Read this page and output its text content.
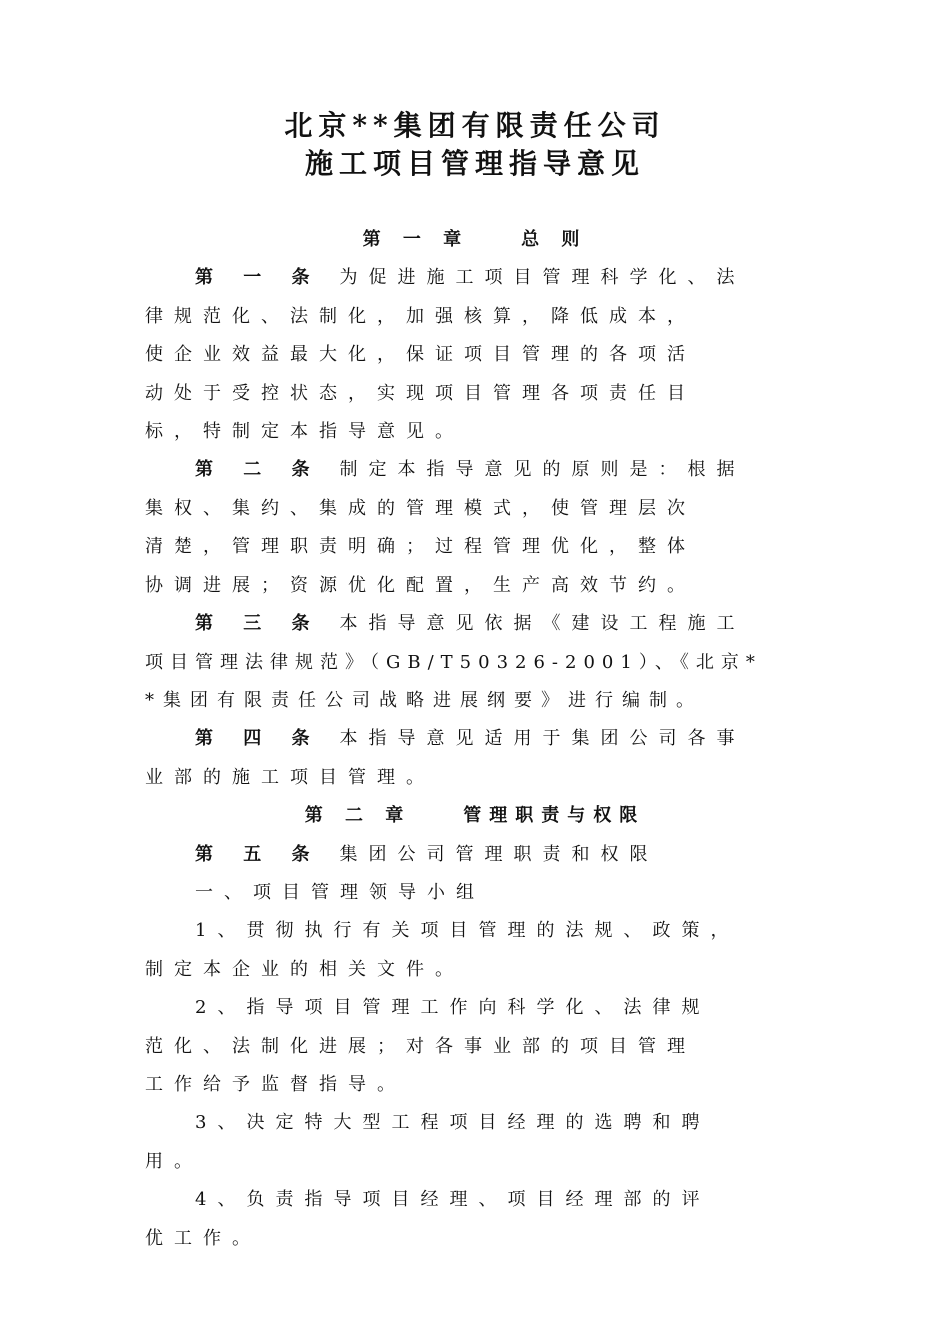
北京**集团有限责任公司
施工项目管理指导意见
第 一 章　　总 则
第 一 条 为促进施工项目管理科学化、法
律规范化、法制化，加强核算，降低成本，
使企业效益最大化，保证项目管理的各项活
动处于受控状态，实现项目管理各项责任目
标，特制定本指导意见。
第 二 条 制定本指导意见的原则是：根据
集权、集约、集成的管理模式，使管理层次
清楚，管理职责明确；过程管理优化，整体
协调进展；资源优化配置，生产高效节约。
第 三 条 本指导意见依据《建设工程施工
项目管理法律规范》（GB/T50326-2001）、《北京*
*集团有限责任公司战略进展纲要》进行编制。
第 四 条 本指导意见适用于集团公司各事
业部的施工项目管理。
第 二 章　　管理职责与权限
第 五 条 集团公司管理职责和权限
一、项目管理领导小组
1、贯彻执行有关项目管理的法规、政策，
制定本企业的相关文件。
2、指导项目管理工作向科学化、法律规
范化、法制化进展；对各事业部的项目管理
工作给予监督指导。
3、决定特大型工程项目经理的选聘和聘
用。
4、负责指导项目经理、项目经理部的评
优工作。
